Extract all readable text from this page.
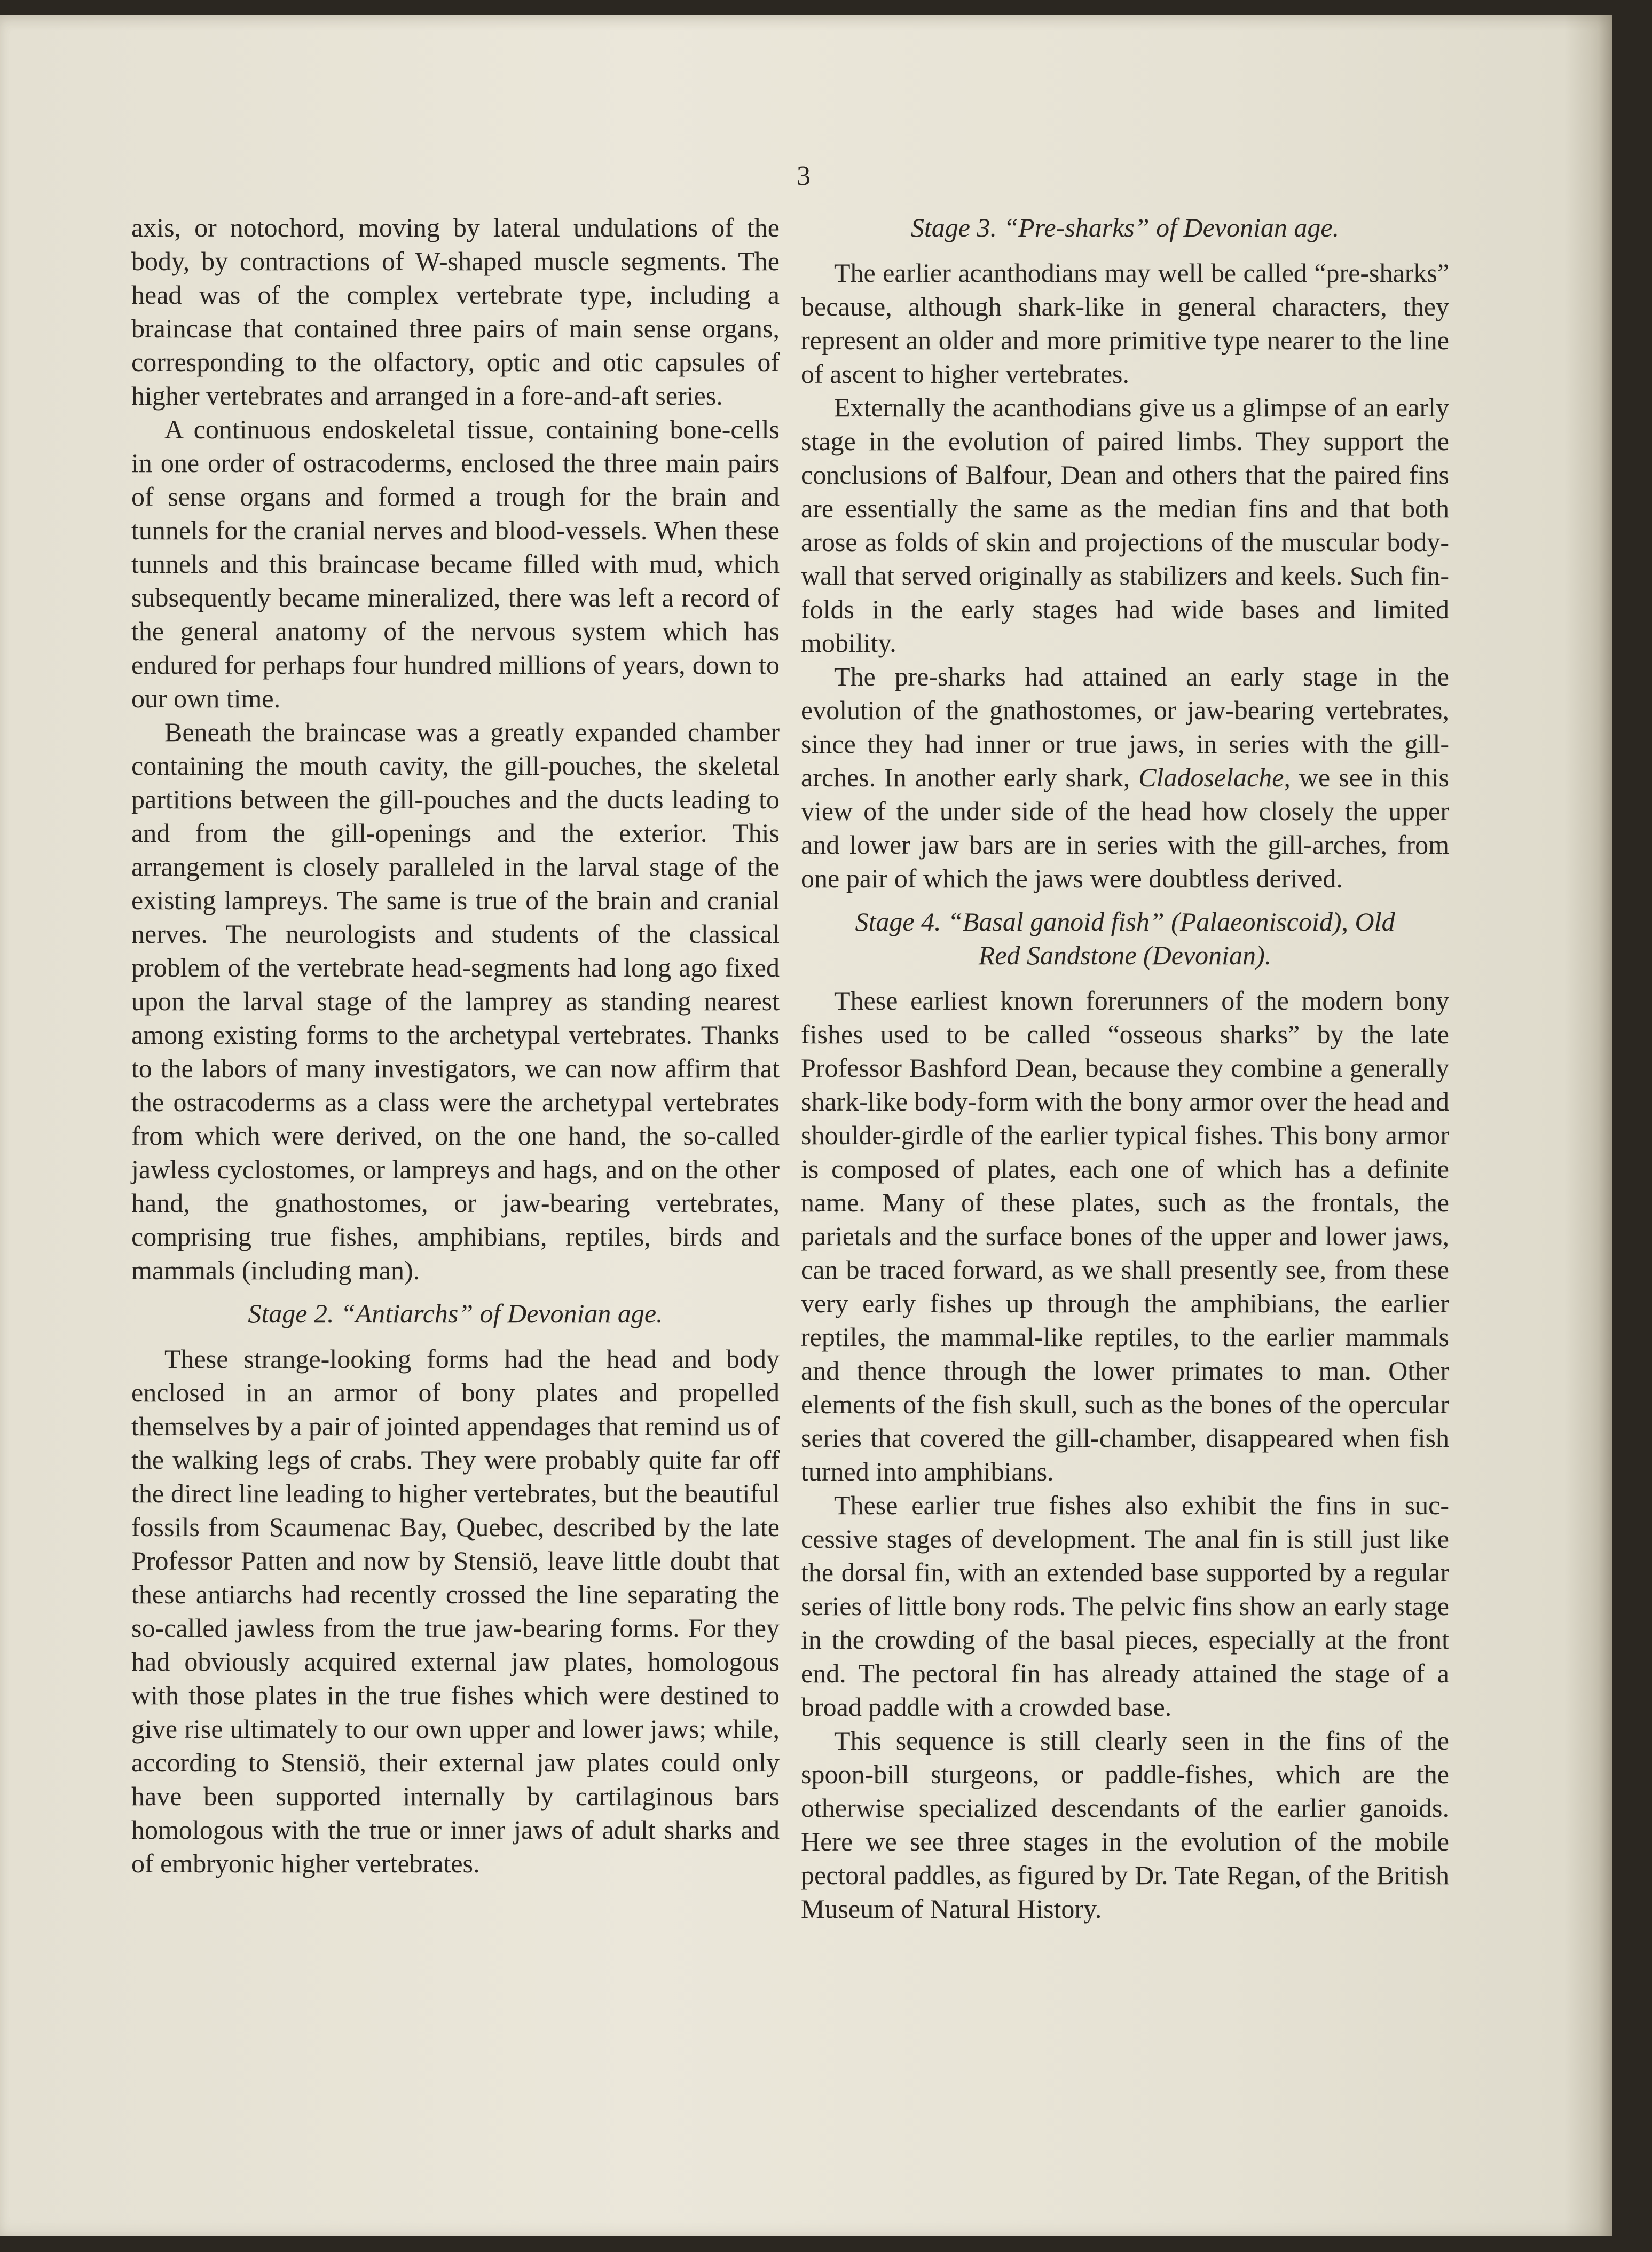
3

axis, or notochord, moving by lateral undulations of the body, by contractions of W-shaped muscle segments. The head was of the complex vertebrate type, including a braincase that contained three pairs of main sense organs, corresponding to the olfactory, optic and otic capsules of higher vertebrates and arranged in a fore-and-aft series.

A continuous endoskeletal tissue, containing bone-cells in one order of ostracoderms, enclosed the three main pairs of sense organs and formed a trough for the brain and tunnels for the cranial nerves and blood-vessels. When these tunnels and this braincase became filled with mud, which subsequently became mineralized, there was left a record of the general anatomy of the nervous system which has endured for perhaps four hundred millions of years, down to our own time.

Beneath the braincase was a greatly expanded chamber containing the mouth cavity, the gill-pouches, the skeletal partitions between the gill-pouches and the ducts leading to and from the gill-openings and the exterior. This arrangement is closely paralleled in the larval stage of the existing lampreys. The same is true of the brain and cranial nerves. The neurologists and students of the classical problem of the vertebrate head-segments had long ago fixed upon the larval stage of the lamprey as standing nearest among existing forms to the archetypal vertebrates. Thanks to the labors of many investigators, we can now affirm that the ostracoderms as a class were the archetypal vertebrates from which were derived, on the one hand, the so-called jawless cyclostomes, or lampreys and hags, and on the other hand, the gnathostomes, or jaw-bearing vertebrates, comprising true fishes, amphibians, reptiles, birds and mammals (including man).

Stage 2. “Antiarchs” of Devonian age.

These strange-looking forms had the head and body enclosed in an armor of bony plates and propelled themselves by a pair of jointed appendages that remind us of the walking legs of crabs. They were probably quite far off the direct line leading to higher vertebrates, but the beautiful fossils from Scaumenac Bay, Quebec, described by the late Professor Patten and now by Stensiö, leave little doubt that these antiarchs had recently crossed the line separating the so-called jawless from the true jaw-bearing forms. For they had obviously acquired external jaw plates, homologous with those plates in the true fishes which were destined to give rise ultimately to our own upper and lower jaws; while, according to Stensiö, their external jaw plates could only have been supported internally by cartilaginous bars homologous with the true or inner jaws of adult sharks and of embryonic higher vertebrates.

Stage 3. “Pre-sharks” of Devonian age.

The earlier acanthodians may well be called “pre-sharks” because, although shark-like in general characters, they represent an older and more primitive type nearer to the line of ascent to higher vertebrates.

Externally the acanthodians give us a glimpse of an early stage in the evolution of paired limbs. They support the conclusions of Balfour, Dean and others that the paired fins are essentially the same as the median fins and that both arose as folds of skin and projections of the muscular body-wall that served originally as stabilizers and keels. Such fin-folds in the early stages had wide bases and limited mobility.

The pre-sharks had attained an early stage in the evolution of the gnathostomes, or jaw-bearing vertebrates, since they had inner or true jaws, in series with the gill-arches. In another early shark, Cladoselache, we see in this view of the under side of the head how closely the upper and lower jaw bars are in series with the gill-arches, from one pair of which the jaws were doubtless derived.

Stage 4. “Basal ganoid fish” (Palaeoniscoid), Old
Red Sandstone (Devonian).

These earliest known forerunners of the modern bony fishes used to be called “osseous sharks” by the late Professor Bashford Dean, because they combine a generally shark-like body-form with the bony armor over the head and shoulder-girdle of the earlier typical fishes. This bony armor is composed of plates, each one of which has a definite name. Many of these plates, such as the frontals, the parietals and the surface bones of the upper and lower jaws, can be traced forward, as we shall presently see, from these very early fishes up through the amphibians, the earlier reptiles, the mammal-like reptiles, to the earlier mammals and thence through the lower primates to man. Other elements of the fish skull, such as the bones of the opercular series that covered the gill-chamber, disappeared when fish turned into amphibians.

These earlier true fishes also exhibit the fins in successive stages of development. The anal fin is still just like the dorsal fin, with an extended base supported by a regular series of little bony rods. The pelvic fins show an early stage in the crowding of the basal pieces, especially at the front end. The pectoral fin has already attained the stage of a broad paddle with a crowded base.

This sequence is still clearly seen in the fins of the spoon-bill sturgeons, or paddle-fishes, which are the otherwise specialized descendants of the earlier ganoids. Here we see three stages in the evolution of the mobile pectoral paddles, as figured by Dr. Tate Regan, of the British Museum of Natural History.
